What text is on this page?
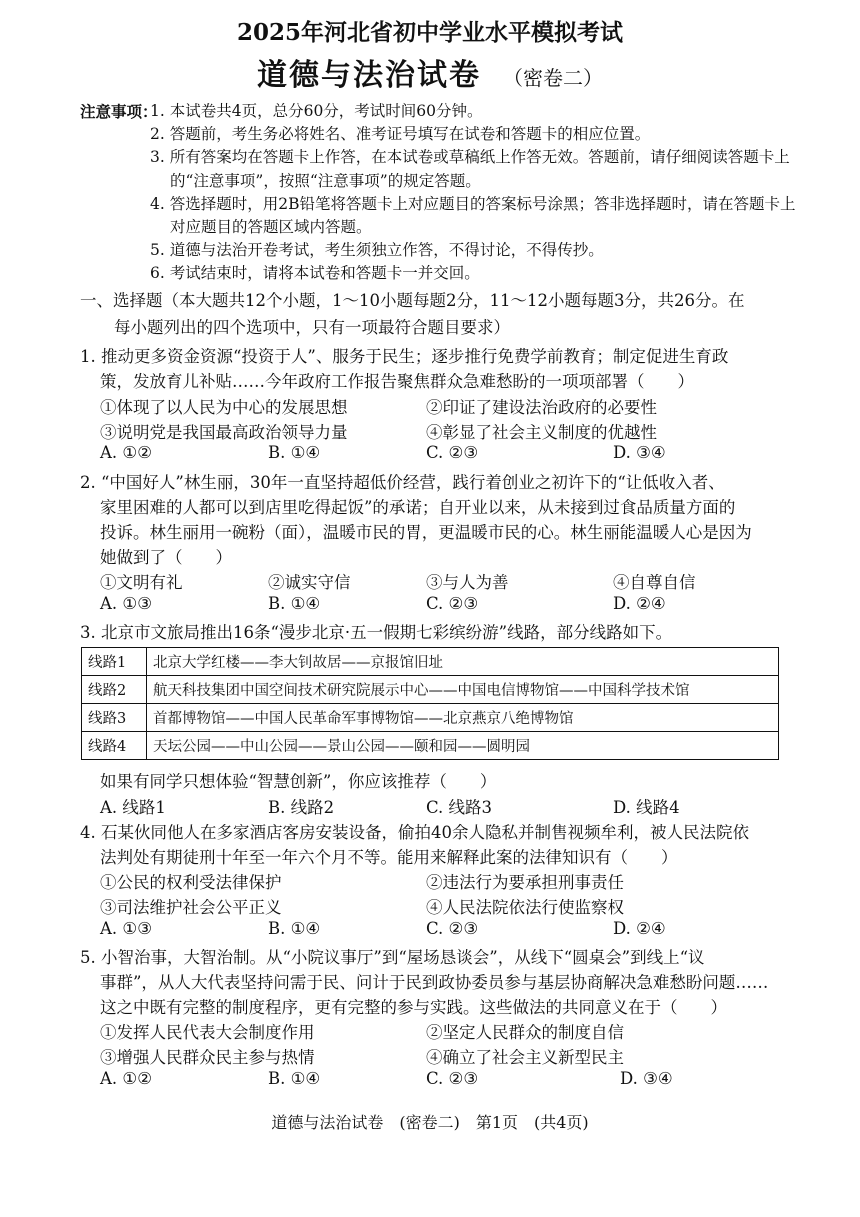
2025年河北省初中学业水平模拟考试
道德与法治试卷 （密卷二）
注意事项：
1. 本试卷共4页，总分60分，考试时间60分钟。
2. 答题前，考生务必将姓名、准考证号填写在试卷和答题卡的相应位置。
3. 所有答案均在答题卡上作答，在本试卷或草稿纸上作答无效。答题前，请仔细阅读答题卡上的“注意事项”，按照“注意事项”的规定答题。
4. 答选择题时，用2B铅笔将答题卡上对应题目的答案标号涂黑；答非选择题时，请在答题卡上对应题目的答题区域内答题。
5. 道德与法治开卷考试，考生须独立作答，不得讨论，不得传抄。
6. 考试结束时，请将本试卷和答题卡一并交回。
一、选择题（本大题共12个小题，1～10小题每题2分，11～12小题每题3分，共26分。在
每小题列出的四个选项中，只有一项最符合题目要求）
1. 推动更多资金资源“投资于人”、服务于民生；逐步推行免费学前教育；制定促进生育政
策，发放育儿补贴……今年政府工作报告聚焦群众急难愁盼的一项项部署（　　）
①体现了以人民为中心的发展思想	②印证了建设法治政府的必要性
③说明党是我国最高政治领导力量	④彰显了社会主义制度的优越性
A. ①②	B. ①④	C. ②③	D. ③④
2. “中国好人”林生丽，30年一直坚持超低价经营，践行着创业之初许下的“让低收入者、
家里困难的人都可以到店里吃得起饭”的承诺；自开业以来，从未接到过食品质量方面的
投诉。林生丽用一碗粉（面），温暖市民的胃，更温暖市民的心。林生丽能温暖人心是因为
她做到了（　　）
①文明有礼	②诚实守信	③与人为善	④自尊自信
A. ①③	B. ①④	C. ②③	D. ②④
3. 北京市文旅局推出16条“漫步北京·五一假期七彩缤纷游”线路，部分线路如下。
线路1	北京大学红楼——李大钊故居——京报馆旧址
线路2	航天科技集团中国空间技术研究院展示中心——中国电信博物馆——中国科学技术馆
线路3	首都博物馆——中国人民革命军事博物馆——北京燕京八绝博物馆
线路4	天坛公园——中山公园——景山公园——颐和园——圆明园
如果有同学只想体验“智慧创新”，你应该推荐（　　）
A. 线路1	B. 线路2	C. 线路3	D. 线路4
4. 石某伙同他人在多家酒店客房安装设备，偷拍40余人隐私并制售视频牟利，被人民法院依
法判处有期徒刑十年至一年六个月不等。能用来解释此案的法律知识有（　　）
①公民的权利受法律保护	②违法行为要承担刑事责任
③司法维护社会公平正义	④人民法院依法行使监察权
A. ①③	B. ①④	C. ②③	D. ②④
5. 小智治事，大智治制。从“小院议事厅”到“屋场恳谈会”，从线下“圆桌会”到线上“议
事群”，从人大代表坚持问需于民、问计于民到政协委员参与基层协商解决急难愁盼问题……
这之中既有完整的制度程序，更有完整的参与实践。这些做法的共同意义在于（　　）
①发挥人民代表大会制度作用	②坚定人民群众的制度自信
③增强人民群众民主参与热情	④确立了社会主义新型民主
A. ①②	B. ①④	C. ②③	D. ③④
道德与法治试卷　(密卷二)　第1页　(共4页)
